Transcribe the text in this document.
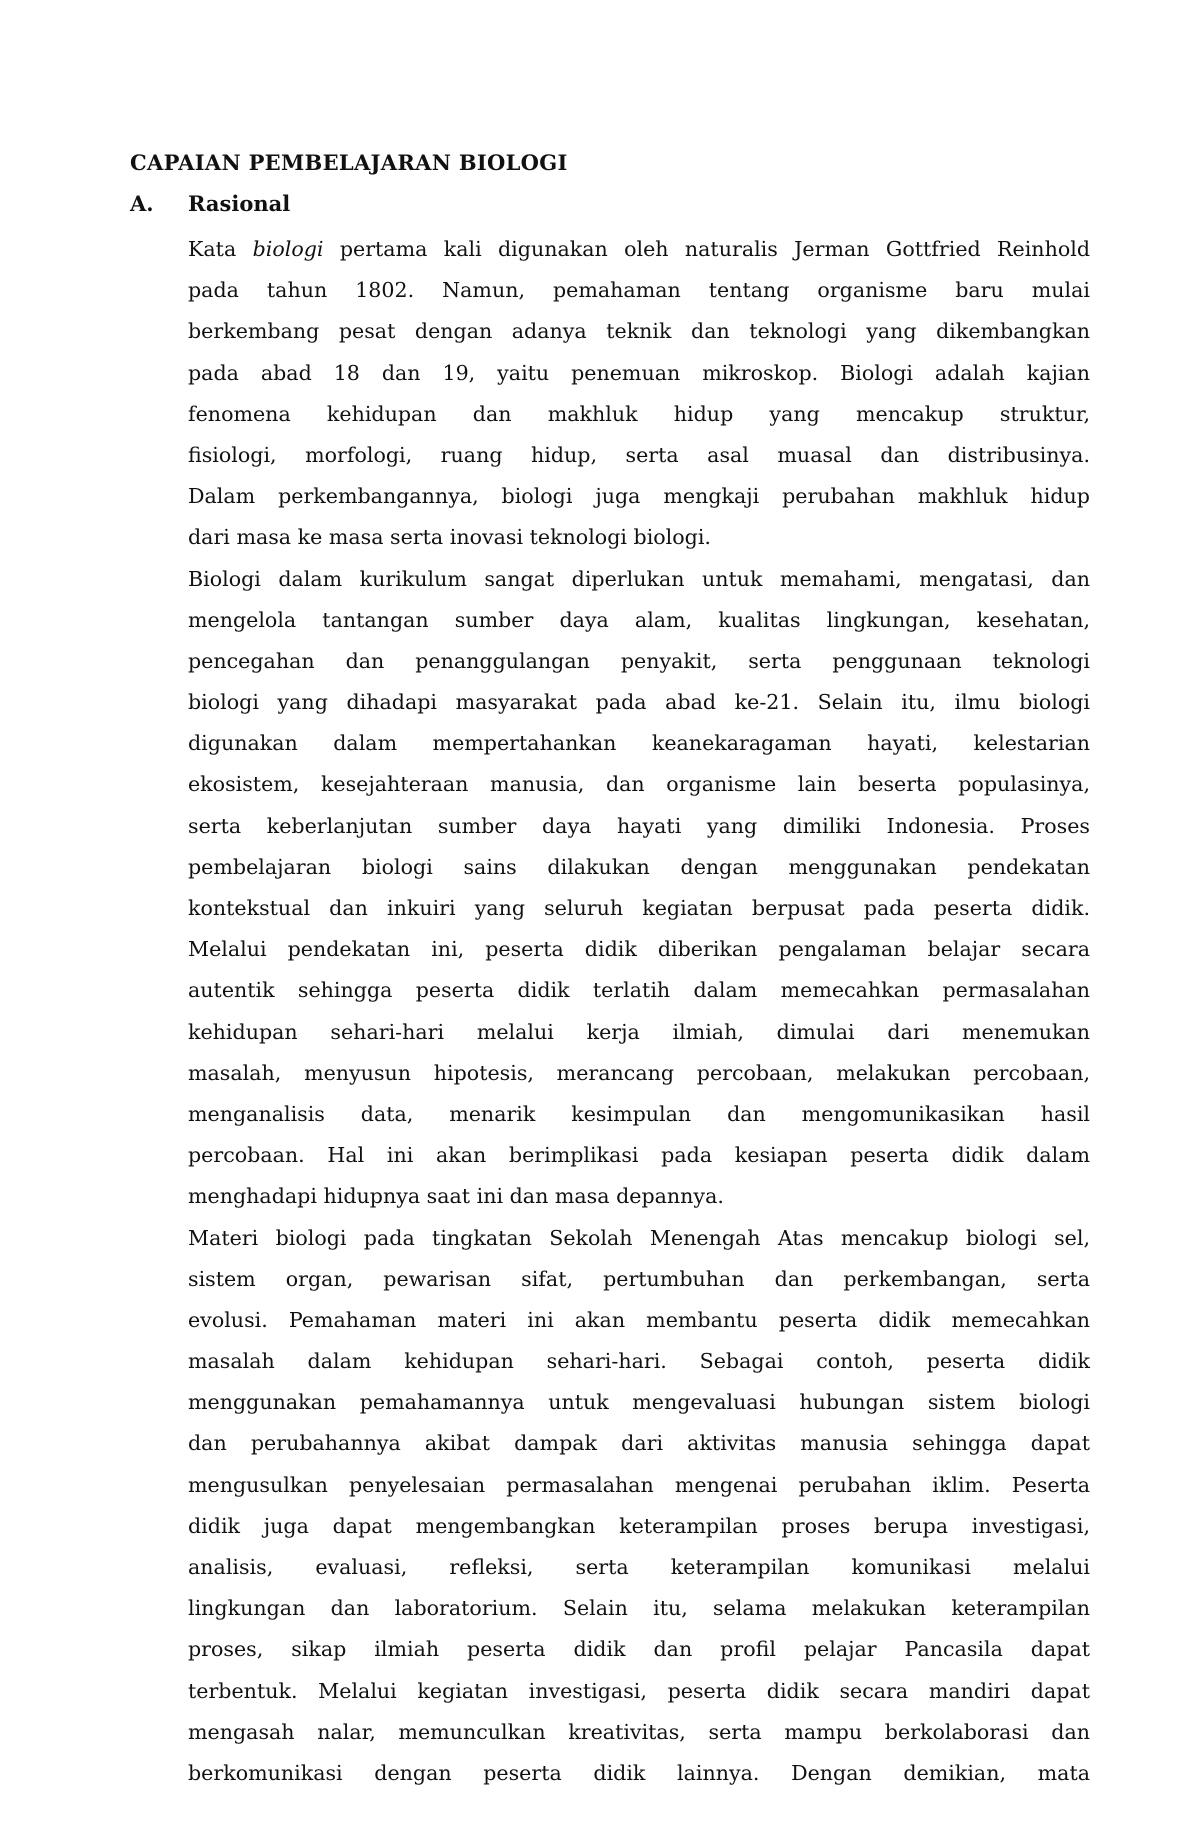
CAPAIAN PEMBELAJARAN BIOLOGI
A. Rasional
Kata biologi pertama kali digunakan oleh naturalis Jerman Gottfried Reinhold
pada tahun 1802. Namun, pemahaman tentang organisme baru mulai
berkembang pesat dengan adanya teknik dan teknologi yang dikembangkan
pada abad 18 dan 19, yaitu penemuan mikroskop. Biologi adalah kajian
fenomena kehidupan dan makhluk hidup yang mencakup struktur,
fisiologi, morfologi, ruang hidup, serta asal muasal dan distribusinya.
Dalam perkembangannya, biologi juga mengkaji perubahan makhluk hidup
dari masa ke masa serta inovasi teknologi biologi.
Biologi dalam kurikulum sangat diperlukan untuk memahami, mengatasi, dan
mengelola tantangan sumber daya alam, kualitas lingkungan, kesehatan,
pencegahan dan penanggulangan penyakit, serta penggunaan teknologi
biologi yang dihadapi masyarakat pada abad ke-21. Selain itu, ilmu biologi
digunakan dalam mempertahankan keanekaragaman hayati, kelestarian
ekosistem, kesejahteraan manusia, dan organisme lain beserta populasinya,
serta keberlanjutan sumber daya hayati yang dimiliki Indonesia. Proses
pembelajaran biologi sains dilakukan dengan menggunakan pendekatan
kontekstual dan inkuiri yang seluruh kegiatan berpusat pada peserta didik.
Melalui pendekatan ini, peserta didik diberikan pengalaman belajar secara
autentik sehingga peserta didik terlatih dalam memecahkan permasalahan
kehidupan sehari-hari melalui kerja ilmiah, dimulai dari menemukan
masalah, menyusun hipotesis, merancang percobaan, melakukan percobaan,
menganalisis data, menarik kesimpulan dan mengomunikasikan hasil
percobaan. Hal ini akan berimplikasi pada kesiapan peserta didik dalam
menghadapi hidupnya saat ini dan masa depannya.
Materi biologi pada tingkatan Sekolah Menengah Atas mencakup biologi sel,
sistem organ, pewarisan sifat, pertumbuhan dan perkembangan, serta
evolusi. Pemahaman materi ini akan membantu peserta didik memecahkan
masalah dalam kehidupan sehari-hari. Sebagai contoh, peserta didik
menggunakan pemahamannya untuk mengevaluasi hubungan sistem biologi
dan perubahannya akibat dampak dari aktivitas manusia sehingga dapat
mengusulkan penyelesaian permasalahan mengenai perubahan iklim. Peserta
didik juga dapat mengembangkan keterampilan proses berupa investigasi,
analisis, evaluasi, refleksi, serta keterampilan komunikasi melalui
lingkungan dan laboratorium. Selain itu, selama melakukan keterampilan
proses, sikap ilmiah peserta didik dan profil pelajar Pancasila dapat
terbentuk. Melalui kegiatan investigasi, peserta didik secara mandiri dapat
mengasah nalar, memunculkan kreativitas, serta mampu berkolaborasi dan
berkomunikasi dengan peserta didik lainnya. Dengan demikian, mata
